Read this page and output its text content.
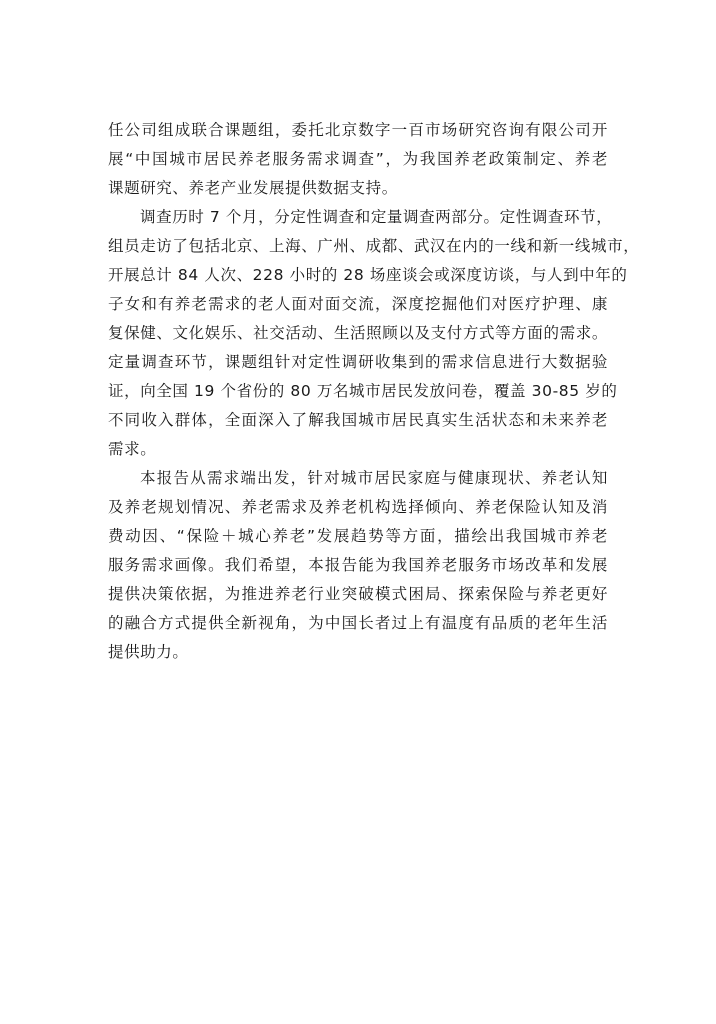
任公司组成联合课题组，委托北京数字一百市场研究咨询有限公司开
展“中国城市居民养老服务需求调查”，为我国养老政策制定、养老
课题研究、养老产业发展提供数据支持。
调查历时 7 个月，分定性调查和定量调查两部分。定性调查环节，
组员走访了包括北京、上海、广州、成都、武汉在内的一线和新一线城市，
开展总计 84 人次、228 小时的 28 场座谈会或深度访谈，与人到中年的
子女和有养老需求的老人面对面交流，深度挖掘他们对医疗护理、康
复保健、文化娱乐、社交活动、生活照顾以及支付方式等方面的需求。
定量调查环节，课题组针对定性调研收集到的需求信息进行大数据验
证，向全国 19 个省份的 80 万名城市居民发放问卷，覆盖 30-85 岁的
不同收入群体，全面深入了解我国城市居民真实生活状态和未来养老
需求。
本报告从需求端出发，针对城市居民家庭与健康现状、养老认知
及养老规划情况、养老需求及养老机构选择倾向、养老保险认知及消
费动因、“保险＋城心养老”发展趋势等方面，描绘出我国城市养老
服务需求画像。我们希望，本报告能为我国养老服务市场改革和发展
提供决策依据，为推进养老行业突破模式困局、探索保险与养老更好
的融合方式提供全新视角，为中国长者过上有温度有品质的老年生活
提供助力。
